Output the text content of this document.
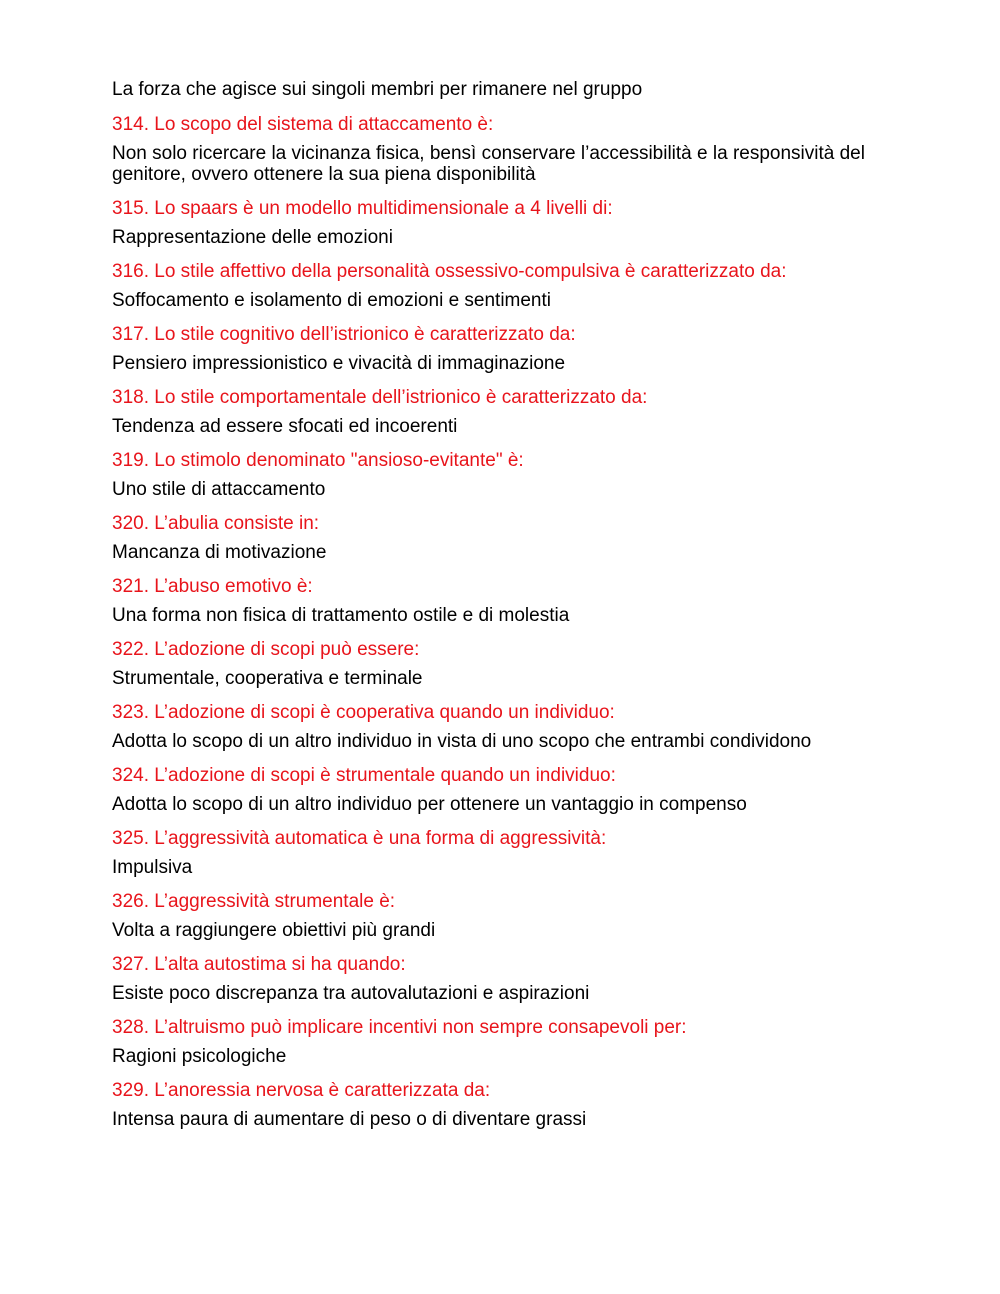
La forza che agisce sui singoli membri per rimanere nel gruppo

314. Lo scopo del sistema di attaccamento è:

Non solo ricercare la vicinanza fisica, bensì conservare l’accessibilità e la responsività del genitore, ovvero ottenere la sua piena disponibilità

315. Lo spaars è un modello multidimensionale a 4 livelli di:

Rappresentazione delle emozioni

316. Lo stile affettivo della personalità ossessivo-compulsiva è caratterizzato da:

Soffocamento e isolamento di emozioni e sentimenti

317. Lo stile cognitivo dell’istrionico è caratterizzato da:

Pensiero impressionistico e vivacità di immaginazione

318. Lo stile comportamentale dell’istrionico è caratterizzato da:

Tendenza ad essere sfocati ed incoerenti

319. Lo stimolo denominato "ansioso-evitante" è:

Uno stile di attaccamento

320. L’abulia consiste in:

Mancanza di motivazione

321. L’abuso emotivo è:

Una forma non fisica di trattamento ostile e di molestia

322. L’adozione di scopi può essere:

Strumentale, cooperativa e terminale

323. L’adozione di scopi è cooperativa quando un individuo:

Adotta lo scopo di un altro individuo in vista di uno scopo che entrambi condividono

324. L’adozione di scopi è strumentale quando un individuo:

Adotta lo scopo di un altro individuo per ottenere un vantaggio in compenso

325. L’aggressività automatica è una forma di aggressività:

Impulsiva

326. L’aggressività strumentale è:

Volta a raggiungere obiettivi più grandi

327. L’alta autostima si ha quando:

Esiste poco discrepanza tra autovalutazioni e aspirazioni

328. L’altruismo può implicare incentivi non sempre consapevoli per:

Ragioni psicologiche

329. L’anoressia nervosa è caratterizzata da:

Intensa paura di aumentare di peso o di diventare grassi
